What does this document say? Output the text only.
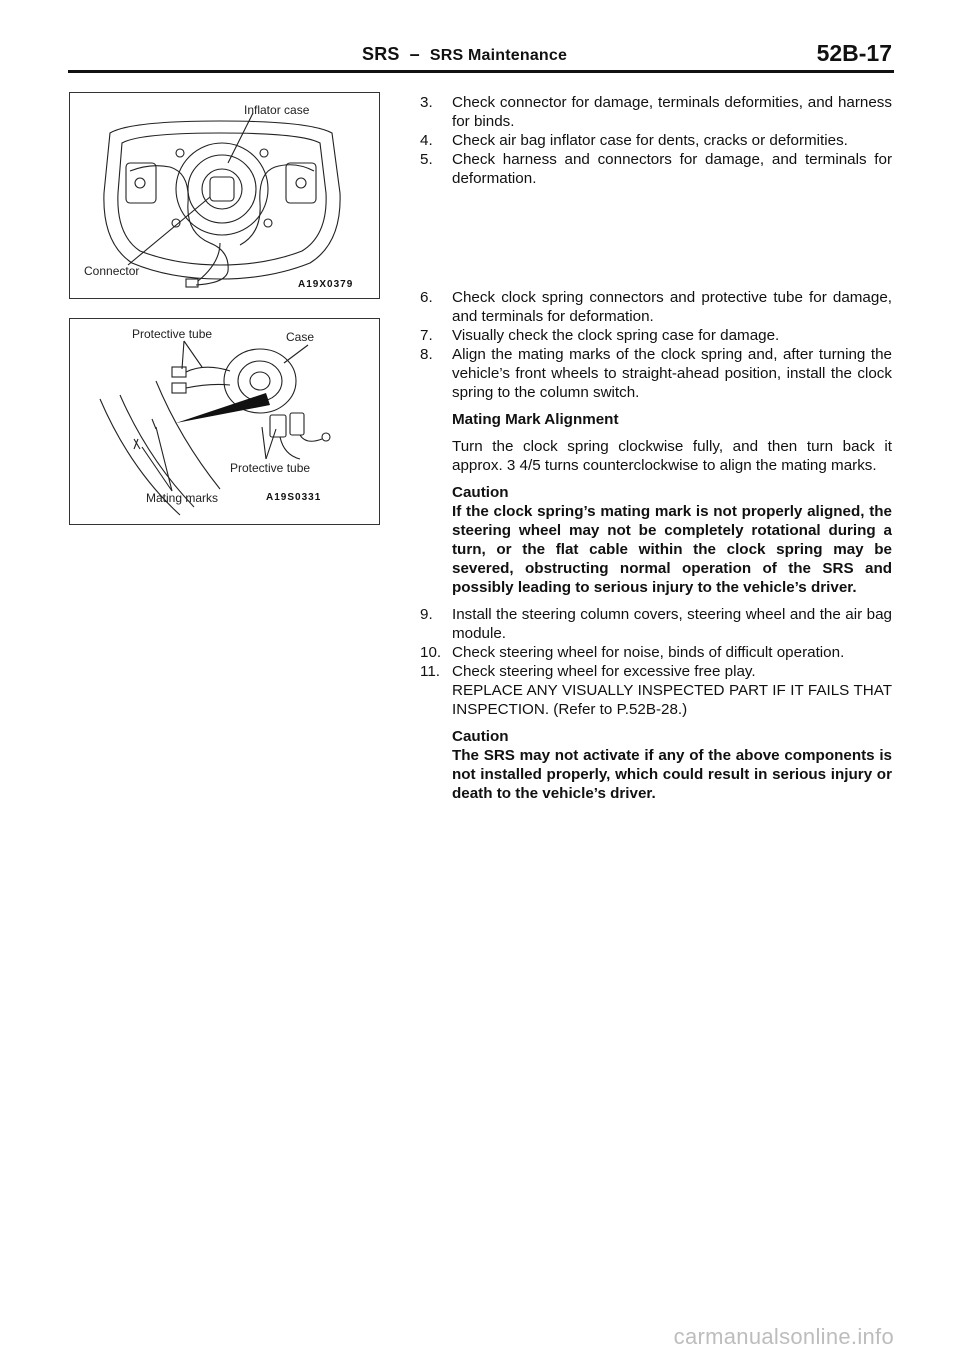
SRS – SRS Maintenance	52B-17
Inflator case
Connector
A19X0379
Protective tube	Case
Protective tube
Mating marks	A19S0331
3.	Check connector for damage, terminals deformities, and harness for binds.
4.	Check air bag inflator case for dents, cracks or deformities.
5.	Check harness and connectors for damage, and terminals for deformation.
6.	Check clock spring connectors and protective tube for damage, and terminals for deformation.
7.	Visually check the clock spring case for damage.
8.	Align the mating marks of the clock spring and, after turning the vehicle’s front wheels to straight-ahead position, install the clock spring to the column switch.
Mating Mark Alignment
Turn the clock spring clockwise fully, and then turn back it approx. 3 4/5 turns counterclockwise to align the mating marks.
Caution
If the clock spring’s mating mark is not properly aligned, the steering wheel may not be completely rotational during a turn, or the flat cable within the clock spring may be severed, obstructing normal operation of the SRS and possibly leading to serious injury to the vehicle’s driver.
9.	Install the steering column covers, steering wheel and the air bag module.
10. Check steering wheel for noise, binds of difficult operation.
11. Check steering wheel for excessive free play.
REPLACE ANY VISUALLY INSPECTED PART IF IT FAILS THAT INSPECTION. (Refer to P.52B-28.)
Caution
The SRS may not activate if any of the above components is not installed properly, which could result in serious injury or death to the vehicle’s driver.
carmanualsonline.info
